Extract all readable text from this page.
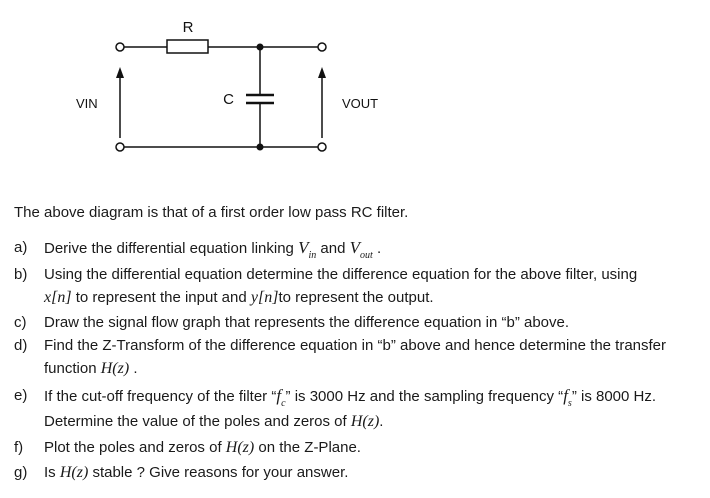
R
C
VIN	VOUT
The above diagram is that of a first order low pass RC filter.
a)	Derive the differential equation linking $V_{in}$ and $V_{out}$ .
b)	Using the differential equation determine the difference equation for the above filter, using
x[n] to represent the input and y[n]to represent the output.
c)	Draw the signal flow graph that represents the difference equation in “b” above.
d)	Find the Z-Transform of the difference equation in “b” above and hence determine the transfer
function H(z) .
e)	If the cut-off frequency of the filter “$f_c$” is 3000 Hz and the sampling frequency “$f_s$” is 8000 Hz.
Determine the value of the poles and zeros of H(z).
f)	Plot the poles and zeros of H(z) on the Z-Plane.
g)	Is H(z) stable ? Give reasons for your answer.
